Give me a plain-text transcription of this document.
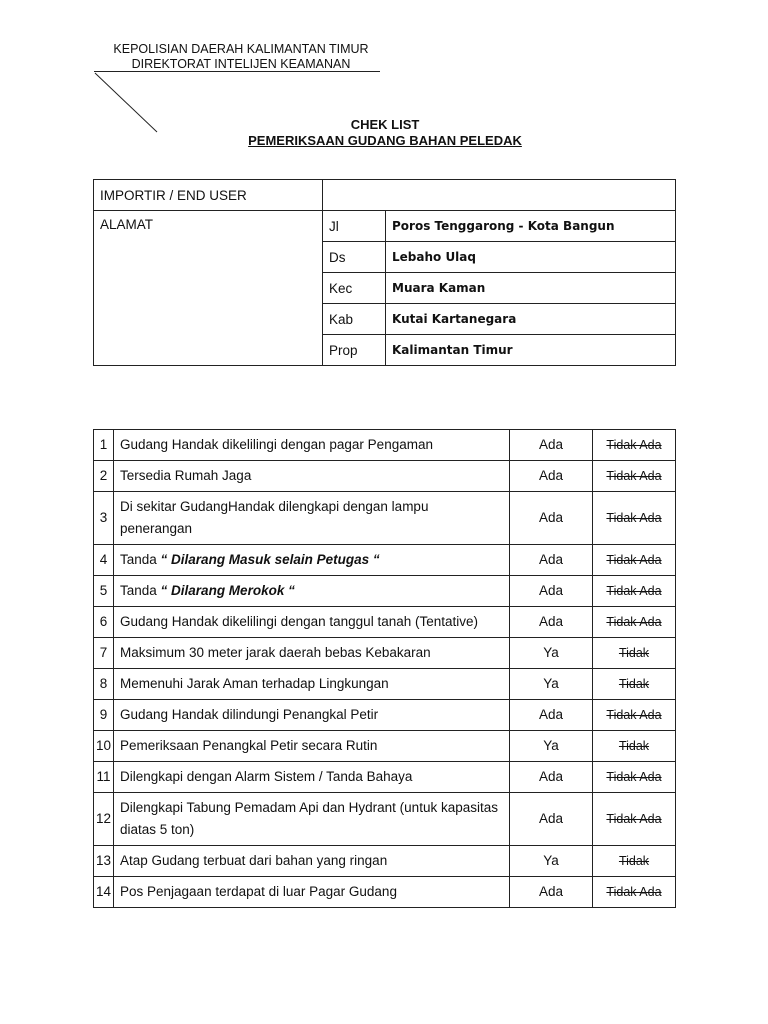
KEPOLISIAN DAERAH KALIMANTAN TIMUR
DIREKTORAT INTELIJEN KEAMANAN
CHEK LIST
PEMERIKSAAN GUDANG BAHAN PELEDAK
IMPORTIR / END USER		
ALAMAT	Jl	Poros Tenggarong - Kota Bangun
	Ds	Lebaho Ulaq
	Kec	Muara Kaman
	Kab	Kutai Kartanegara
	Prop	Kalimantan Timur
1	Gudang Handak dikelilingi dengan pagar Pengaman	Ada	Tidak Ada
2	Tersedia Rumah Jaga	Ada	Tidak Ada
3	Di sekitar GudangHandak dilengkapi dengan lampu penerangan	Ada	Tidak Ada
4	Tanda “ Dilarang Masuk selain Petugas “	Ada	Tidak Ada
5	Tanda “ Dilarang Merokok “	Ada	Tidak Ada
6	Gudang Handak dikelilingi dengan tanggul tanah (Tentative)	Ada	Tidak Ada
7	Maksimum 30 meter jarak daerah bebas Kebakaran	Ya	Tidak
8	Memenuhi Jarak Aman terhadap Lingkungan	Ya	Tidak
9	Gudang Handak dilindungi Penangkal Petir	Ada	Tidak Ada
10	Pemeriksaan Penangkal Petir secara Rutin	Ya	Tidak
11	Dilengkapi dengan Alarm Sistem / Tanda Bahaya	Ada	Tidak Ada
12	Dilengkapi Tabung Pemadam Api dan Hydrant (untuk kapasitas diatas 5 ton)	Ada	Tidak Ada
13	Atap Gudang terbuat dari bahan yang ringan	Ya	Tidak
14	Pos Penjagaan terdapat di luar Pagar Gudang	Ada	Tidak Ada
